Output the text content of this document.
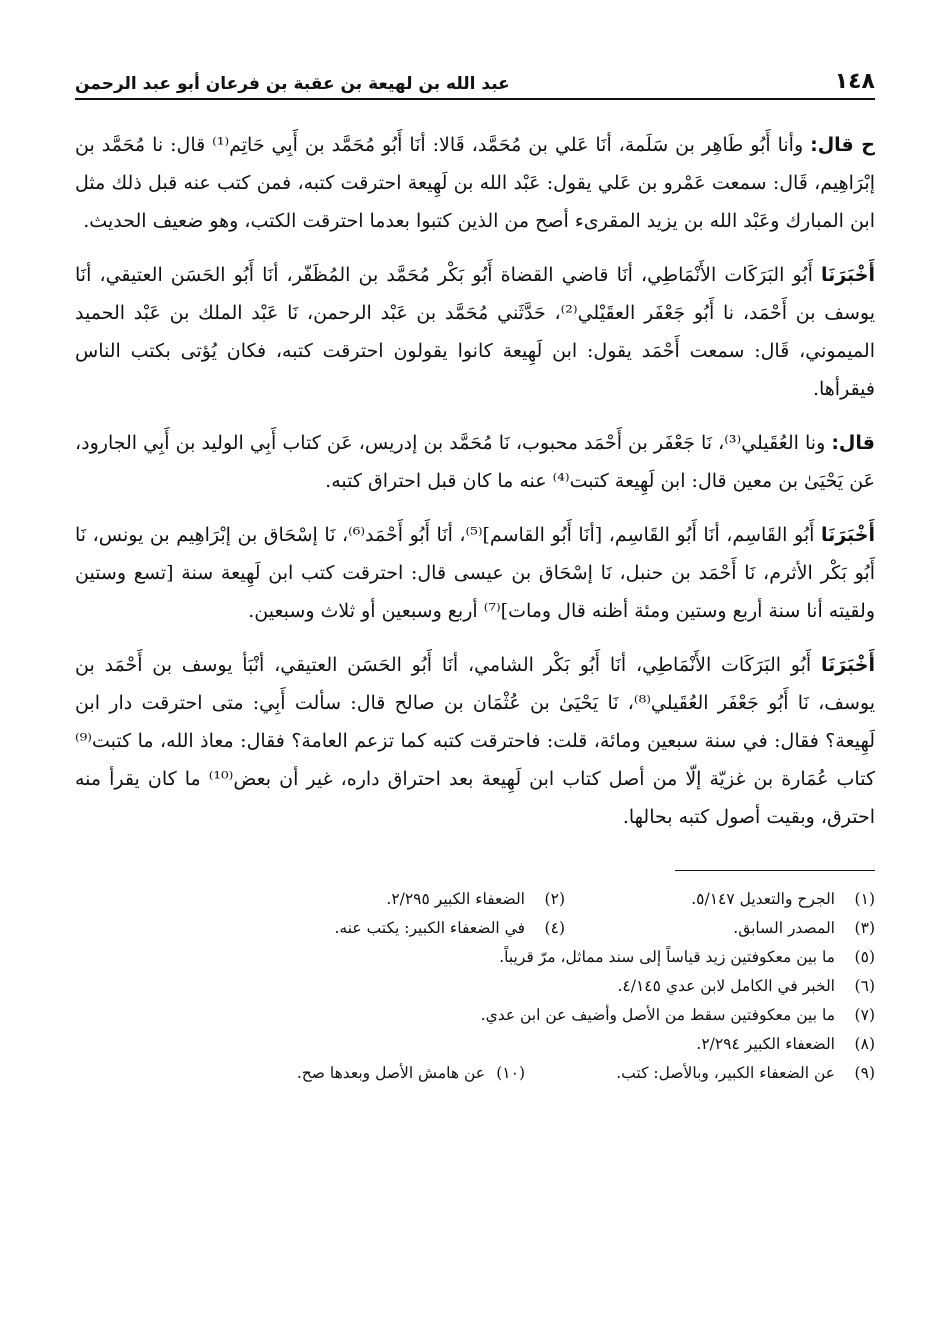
١٤٨
عبد الله بن لهيعة بن عقبة بن فرعان أبو عبد الرحمن

ح قال: وأنا أَبُو طَاهِر بن سَلَمة، أنَا عَلي بن مُحَمَّد، قَالا: أنَا أَبُو مُحَمَّد بن أَبِي حَاتِم⁽¹⁾ قال: نا مُحَمَّد بن إبْرَاهِيم، قَال: سمعت عَمْرو بن عَلي يقول: عَبْد الله بن لَهِيعة احترقت كتبه، فمن كتب عنه قبل ذلك مثل ابن المبارك وعَبْد الله بن يزيد المقرىء أصح من الذين كتبوا بعدما احترقت الكتب، وهو ضعيف الحديث.

أَخْبَرَنَا أَبُو البَرَكَات الأَنْمَاطِي، أنَا قاضي القضاة أَبُو بَكْر مُحَمَّد بن المُظَفّر، أنَا أَبُو الحَسَن العتيقي، أنَا يوسف بن أَحْمَد، نا أَبُو جَعْفَر العقَيْلي⁽²⁾، حَدَّثَني مُحَمَّد بن عَبْد الرحمن، نَا عَبْد الملك بن عَبْد الحميد الميموني، قَال: سمعت أَحْمَد يقول: ابن لَهِيعة كانوا يقولون احترقت كتبه، فكان يُؤتى بكتب الناس فيقرأها.

قال: ونا العُقَيلي⁽³⁾، نَا جَعْفَر بن أَحْمَد محبوب، نَا مُحَمَّد بن إدريس، عَن كتاب أَبِي الوليد بن أَبِي الجارود، عَن يَحْيَىٰ بن معين قال: ابن لَهِيعة كتبت⁽⁴⁾ عنه ما كان قبل احتراق كتبه.

أَخْبَرَنَا أَبُو القَاسِم، أنَا أَبُو القَاسِم، [أنَا أَبُو القاسم]⁽⁵⁾، أنَا أَبُو أَحْمَد⁽⁶⁾، نَا إسْحَاق بن إبْرَاهِيم بن يونس، نَا أَبُو بَكْر الأثرم، نَا أَحْمَد بن حنبل، نَا إسْحَاق بن عيسى قال: احترقت كتب ابن لَهِيعة سنة [تسع وستين ولقيته أنا سنة أربع وستين ومئة أظنه قال ومات]⁽⁷⁾ أربع وسبعين أو ثلاث وسبعين.

أَخْبَرَنَا أَبُو البَرَكَات الأَنْمَاطِي، أنَا أَبُو بَكْر الشامي، أنَا أَبُو الحَسَن العتيقي، أنْبَأ يوسف بن أَحْمَد بن يوسف، نَا أَبُو جَعْفَر العُقَيلي⁽⁸⁾، نَا يَحْيَىٰ بن عُثْمَان بن صالح قال: سألت أَبِي: متى احترقت دار ابن لَهِيعة؟ فقال: في سنة سبعين ومائة، قلت: فاحترقت كتبه كما تزعم العامة؟ فقال: معاذ الله، ما كتبت⁽⁹⁾ كتاب عُمَارة بن غزيّة إلّا من أصل كتاب ابن لَهِيعة بعد احتراق داره، غير أن بعض⁽¹⁰⁾ ما كان يقرأ منه احترق، وبقيت أصول كتبه بحالها.

(١)
الجرح والتعديل ٥/١٤٧.
(٢)
الضعفاء الكبير ٢/٢٩٥.
(٣)
المصدر السابق.
(٤)
في الضعفاء الكبير: يكتب عنه.
(٥)
ما بين معكوفتين زيد قياساً إلى سند مماثل، مرّ قريباً.
(٦)
الخبر في الكامل لابن عدي ٤/١٤٥.
(٧)
ما بين معكوفتين سقط من الأصل وأضيف عن ابن عدي.
(٨)
الضعفاء الكبير ٢/٢٩٤.
(٩)
عن الضعفاء الكبير، وبالأصل: كتب.
(١٠)
عن هامش الأصل وبعدها صح.
